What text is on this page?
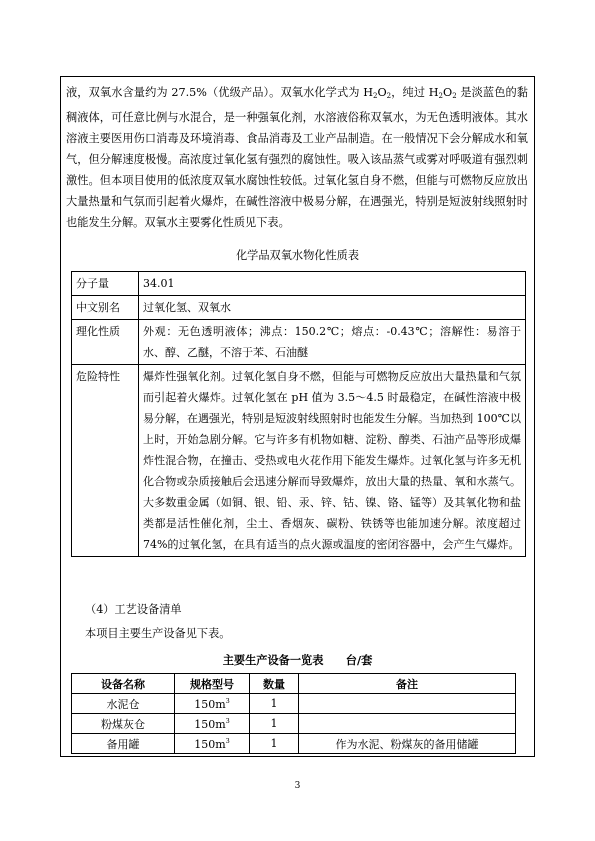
液，双氧水含量约为 27.5%（优级产品）。双氧水化学式为 $H_2O_2$，纯过 $H_2O_2$ 是淡蓝色的黏稠液体，可任意比例与水混合，是一种强氧化剂，水溶液俗称双氧水，为无色透明液体。其水溶液主要医用伤口消毒及环境消毒、食品消毒及工业产品制造。在一般情况下会分解成水和氧气，但分解速度极慢。高浓度过氧化氢有强烈的腐蚀性。吸入该品蒸气或雾对呼吸道有强烈刺激性。但本项目使用的低浓度双氧水腐蚀性较低。过氧化氢自身不燃，但能与可燃物反应放出大量热量和气氛而引起着火爆炸，在碱性溶液中极易分解，在遇强光，特别是短波射线照射时也能发生分解。双氧水主要雾化性质见下表。

化学品双氧水物化性质表
分子量	34.01
中文别名	过氧化氢、双氧水
理化性质	外观：无色透明液体；沸点：150.2℃；熔点：-0.43℃；溶解性：易溶于水、醇、乙醚，不溶于苯、石油醚
危险特性	爆炸性强氧化剂。过氧化氢自身不燃，但能与可燃物反应放出大量热量和气氛而引起着火爆炸。过氧化氢在 pH 值为 3.5～4.5 时最稳定，在碱性溶液中极易分解，在遇强光，特别是短波射线照射时也能发生分解。当加热到 100℃以上时，开始急剧分解。它与许多有机物如糖、淀粉、醇类、石油产品等形成爆炸性混合物，在撞击、受热或电火花作用下能发生爆炸。过氧化氢与许多无机化合物或杂质接触后会迅速分解而导致爆炸，放出大量的热量、氧和水蒸气。大多数重金属（如铜、银、铅、汞、锌、钴、镍、铬、锰等）及其氧化物和盐类都是活性催化剂，尘土、香烟灰、碳粉、铁锈等也能加速分解。浓度超过 74%的过氧化氢，在具有适当的点火源或温度的密闭容器中，会产生气爆炸。
（4）工艺设备清单
本项目主要生产设备见下表。
主要生产设备一览表　　台/套
设备名称	规格型号	数量	备注
水泥仓	$150m^3$	1	
粉煤灰仓	$150m^3$	1	
备用罐	$150m^3$	1	作为水泥、粉煤灰的备用储罐
3
